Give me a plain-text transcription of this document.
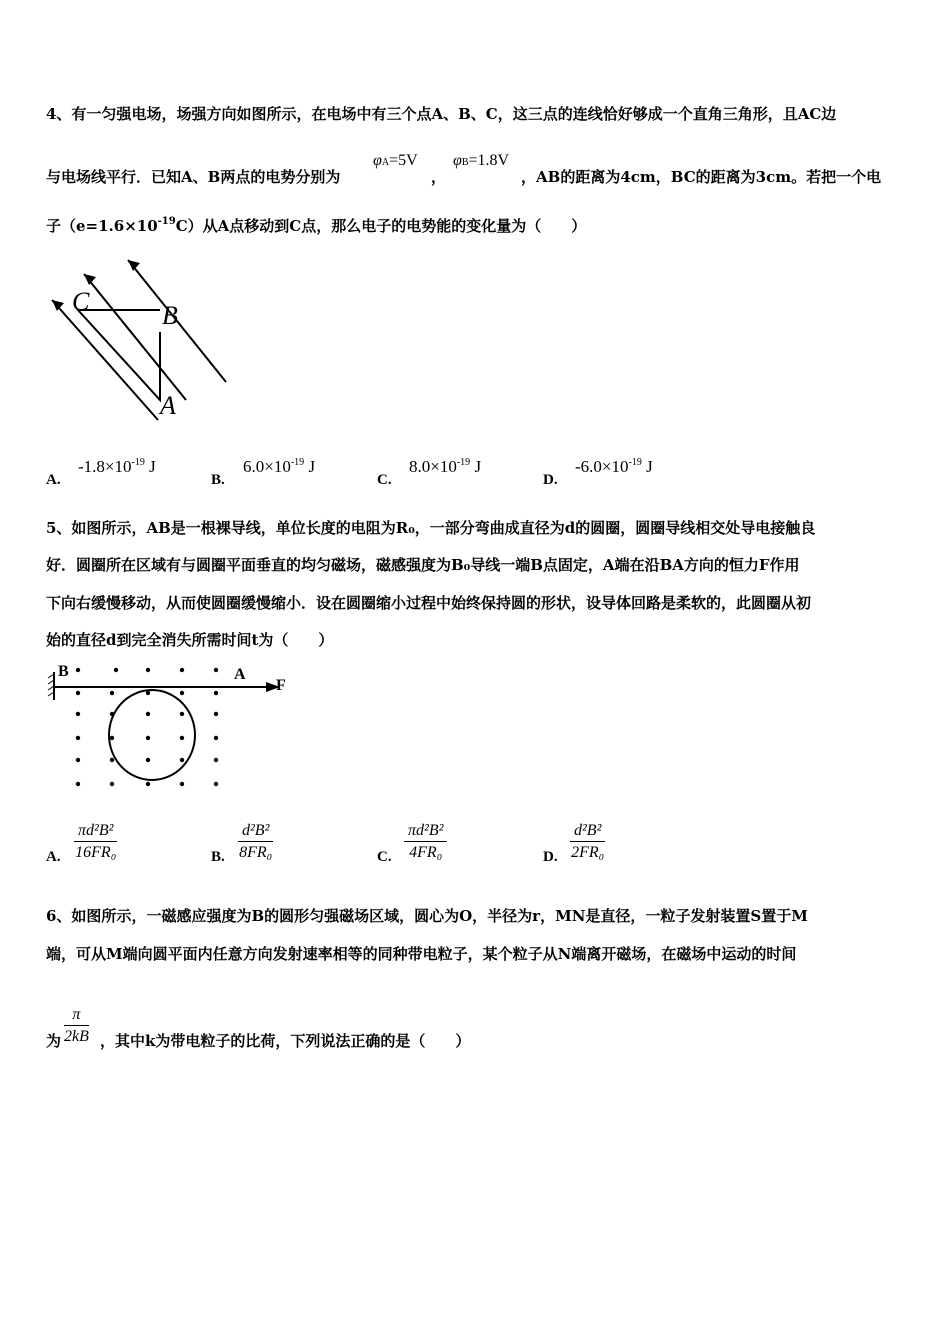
4、有一匀强电场，场强方向如图所示，在电场中有三个点A、B、C，这三点的连线恰好够成一个直角三角形，且AC边
与电场线平行．已知A、B两点的电势分别为
φA=5V
，
φB=1.8V
，AB的距离为4cm，BC的距离为3cm。若把一个电
子$(e=1.6\times 10^{-19}C)$从A点移动到C点，那么电子的电势能的变化量为（　　）
C	B
A
A.
$-1.8\times 10^{-19}$ J
B.
$6.0\times 10^{-19}$ J
C.
$8.0\times 10^{-19}$ J
D.
$-6.0\times 10^{-19}$ J
5、如图所示，AB是一根裸导线，单位长度的电阻为R₀，一部分弯曲成直径为d的圆圈，圆圈导线相交处导电接触良
好．圆圈所在区域有与圆圈平面垂直的均匀磁场，磁感强度为B₀导线一端B点固定，A端在沿BA方向的恒力F作用
下向右缓慢移动，从而使圆圈缓慢缩小．设在圆圈缩小过程中始终保持圆的形状，设导体回路是柔软的，此圆圈从初
始的直径d到完全消失所需时间t为（　　）
B	A
F
A. $\frac{\text{πd²B²}}{\text{16FR₀}}$	B. $\frac{\text{d²B²}}{\text{8FR₀}}$	C. $\frac{\text{πd²B²}}{\text{4FR₀}}$	D. $\frac{\text{d²B²}}{\text{2FR₀}}$
6、如图所示，一磁感应强度为B的圆形匀强磁场区域，圆心为O，半径为r，MN是直径，一粒子发射装置S置于M
端，可从M端向圆平面内任意方向发射速率相等的同种带电粒子，某个粒子从N端离开磁场，在磁场中运动的时间
为 $\frac{\pi}{2kB}$ ，其中k为带电粒子的比荷，下列说法正确的是（　　）
